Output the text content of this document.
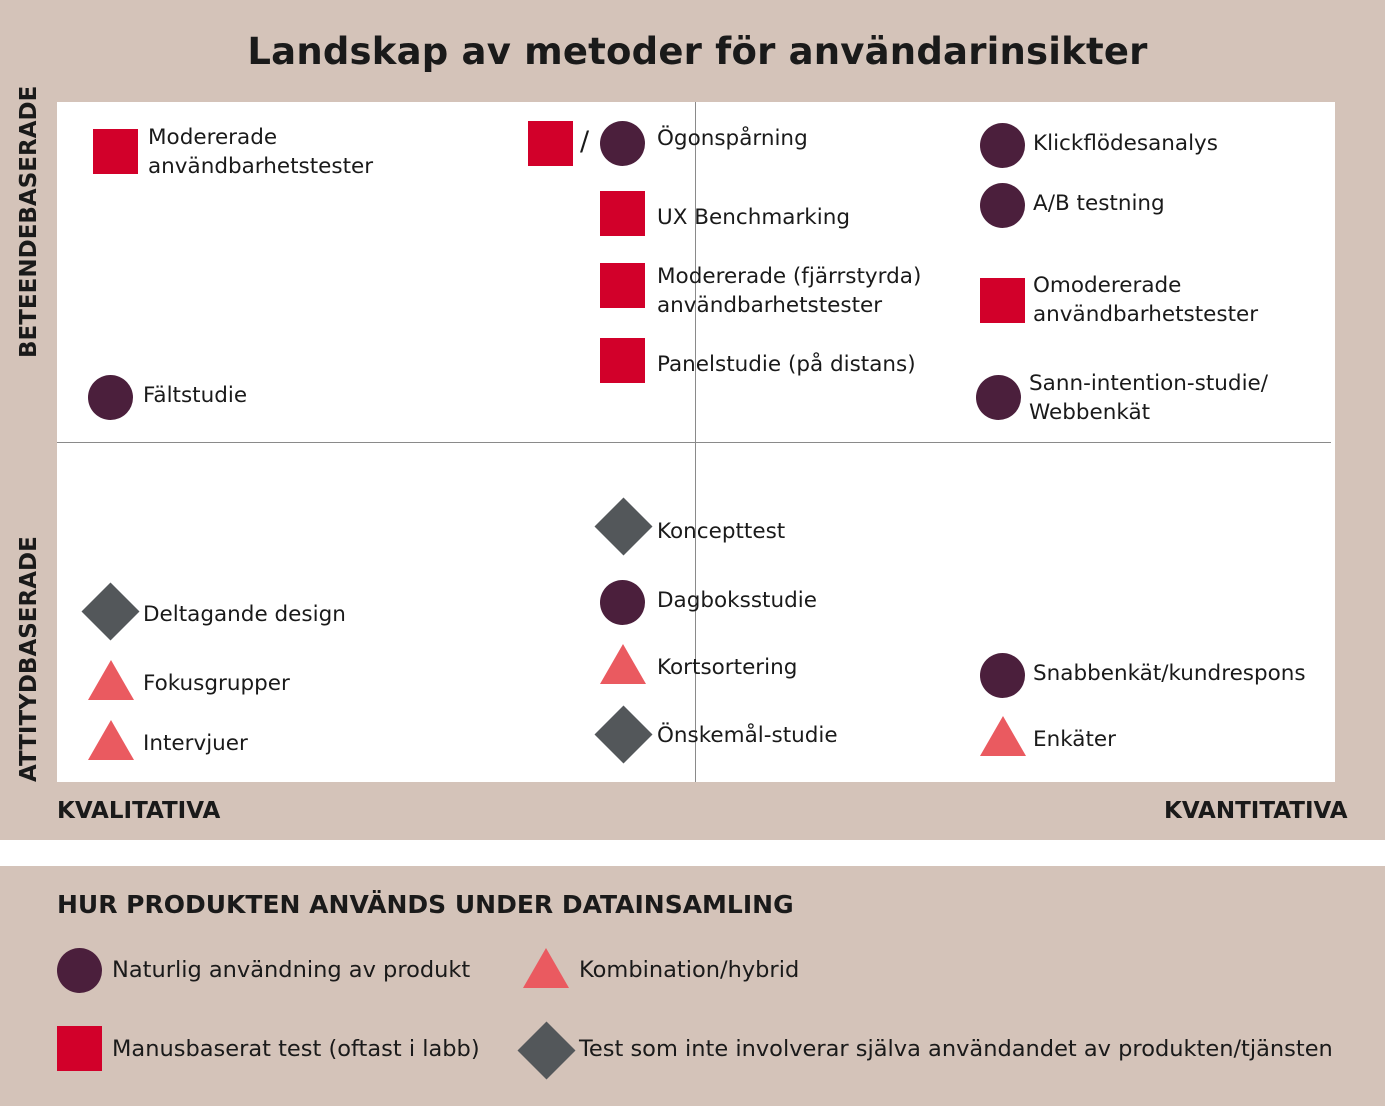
Landskap av metoder för användarinsikter
BETEENDEBASERADE
ATTITYDBASERADE
KVALITATIVA	KVANTITATIVA
Modererade
användbarhetstester
Fältstudie
/	Ögonspårning
UX Benchmarking
Modererade (fjärrstyrda)
användbarhetstester
Panelstudie (på distans)
Klickflödesanalys
A/B testning
Omodererade
användbarhetstester
Sann-intention-studie/
Webbenkät
Koncepttest
Dagboksstudie
Kortsortering
Önskemål-studie
Deltagande design
Fokusgrupper
Intervjuer
Snabbenkät/kundrespons
Enkäter
HUR PRODUKTEN ANVÄNDS UNDER DATAINSAMLING
Naturlig användning av produkt
Manusbaserat test (oftast i labb)
Kombination/hybrid
Test som inte involverar själva användandet av produkten/tjänsten
